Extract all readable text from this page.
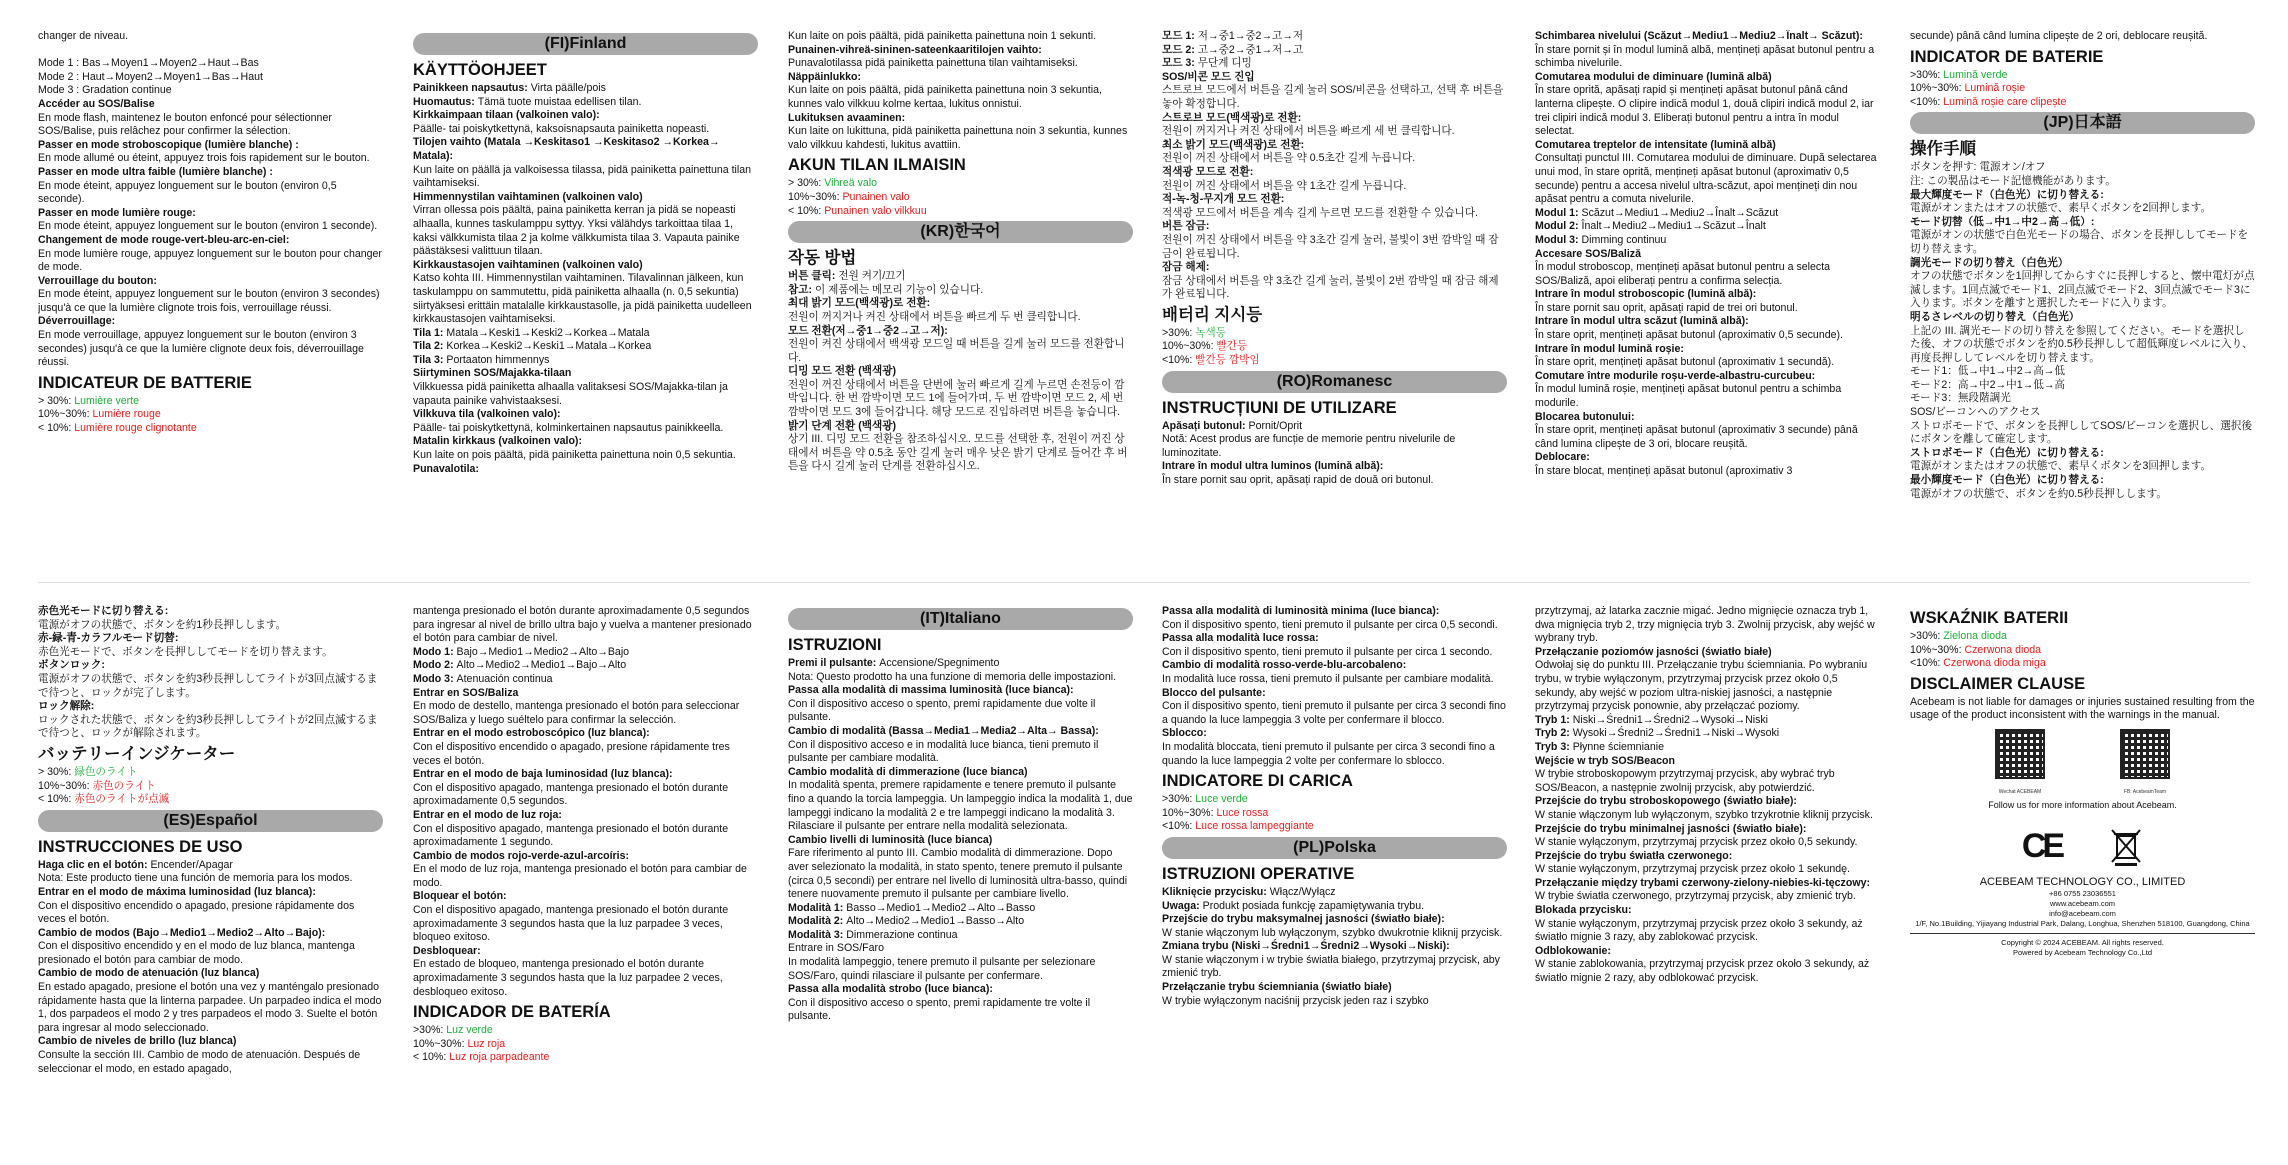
changer de niveau.

Mode 1 : Bas→Moyen1→Moyen2→Haut→Bas
Mode 2 : Haut→Moyen2→Moyen1→Bas→Haut
Mode 3 : Gradation continue
Accéder au SOS/Balise
En mode flash, maintenez le bouton enfoncé pour sélectionner SOS/Balise, puis relâchez pour confirmer la sélection.
Passer en mode stroboscopique (lumière blanche) :
En mode allumé ou éteint, appuyez trois fois rapidement sur le bouton.
Passer en mode ultra faible (lumière blanche) :
En mode éteint, appuyez longuement sur le bouton (environ 0,5 seconde).
Passer en mode lumière rouge:
En mode éteint, appuyez longuement sur le bouton (environ 1 seconde).
Changement de mode rouge-vert-bleu-arc-en-ciel:
En mode lumière rouge, appuyez longuement sur le bouton pour changer de mode.
Verrouillage du bouton:
En mode éteint, appuyez longuement sur le bouton (environ 3 secondes) jusqu'à ce que la lumière clignote trois fois, verrouillage réussi.
Déverrouillage:
En mode verrouillage, appuyez longuement sur le bouton (environ 3 secondes) jusqu'à ce que la lumière clignote deux fois, déverrouillage réussi.
INDICATEUR DE BATTERIE
> 30%: Lumière verte
10%~30%: Lumière rouge
< 10%: Lumière rouge clignotante
(FI)Finland
KÄYTTÖOHJEET
Painikkeen napsautus: Virta päälle/pois
Huomautus: Tämä tuote muistaa edellisen tilan.
Kirkkaimpaan tilaan (valkoinen valo):
Päälle- tai poiskytkettynä, kaksoisnapsauta painiketta nopeasti.
Tilojen vaihto (Matala →Keskitaso1 →Keskitaso2 →Korkea→ Matala):
Kun laite on päällä ja valkoisessa tilassa, pidä painiketta painettuna tilan vaihtamiseksi.
Himmennystilan vaihtaminen (valkoinen valo)
Virran ollessa pois päältä, paina painiketta kerran ja pidä se nopeasti alhaalla, kunnes taskulamppu syttyy. Yksi välähdys tarkoittaa tilaa 1, kaksi välkkumista tilaa 2 ja kolme välkkumista tilaa 3. Vapauta painike päästäksesi valittuun tilaan.
Kirkkaustasojen vaihtaminen (valkoinen valo)
Katso kohta III. Himmennystilan vaihtaminen. Tilavalinnan jälkeen, kun taskulamppu on sammutettu, pidä painiketta alhaalla (n. 0,5 sekuntia) siirtyäksesi erittäin matalalle kirkkaustasolle, ja pidä painiketta uudelleen kirkkaustasojen vaihtamiseksi.
Tila 1: Matala→Keski1→Keski2→Korkea→Matala
Tila 2: Korkea→Keski2→Keski1→Matala→Korkea
Tila 3: Portaaton himmennys
Siirtyminen SOS/Majakka-tilaan
Vilkkuessa pidä painiketta alhaalla valitaksesi SOS/Majakka-tilan ja vapauta painike vahvistaaksesi.
Vilkkuva tila (valkoinen valo):
Päälle- tai poiskytkettynä, kolminkertainen napsautus painikkeella.
Matalin kirkkaus (valkoinen valo):
Kun laite on pois päältä, pidä painiketta painettuna noin 0,5 sekuntia.
Punavalotila:
Kun laite on pois päältä, pidä painiketta painettuna noin 1 sekunti.
Punainen-vihreä-sininen-sateenkaaritilojen vaihto:
Punavalotilassa pidä painiketta painettuna tilan vaihtamiseksi.
Näppäinlukko:
Kun laite on pois päältä, pidä painiketta painettuna noin 3 sekuntia, kunnes valo vilkkuu kolme kertaa, lukitus onnistui.
Lukituksen avaaminen:
Kun laite on lukittuna, pidä painiketta painettuna noin 3 sekuntia, kunnes valo vilkkuu kahdesti, lukitus avattiin.
AKUN TILAN ILMAISIN
> 30%: Vihreä valo
10%~30%: Punainen valo
< 10%: Punainen valo vilkkuu
(KR)한국어
작동 방법
버튼 클릭: 전원 켜기/끄기
참고: 이 제품에는 메모리 기능이 있습니다.
최대 밝기 모드(백색광)로 전환:
전원이 꺼지거나 켜진 상태에서 버튼을 빠르게 두 번 클릭합니다.
모드 전환(저→중1→중2→고→저):
전원이 켜진 상태에서 백색광 모드일 때 버튼을 길게 눌러 모드를 전환합니다.
디밍 모드 전환 (백색광)
전원이 꺼진 상태에서 버튼을 단번에 눌러 빠르게 길게 누르면 손전등이 깜박입니다. 한 번 깜박이면 모드 1에 들어가며, 두 번 깜박이면 모드 2, 세 번 깜박이면 모드 3에 들어갑니다. 해당 모드로 진입하려면 버튼을 놓습니다.
밝기 단계 전환 (백색광)
상기 III. 디밍 모드 전환을 참조하십시오. 모드를 선택한 후, 전원이 꺼진 상태에서 버튼을 약 0.5초 동안 길게 눌러 매우 낮은 밝기 단계로 들어간 후 버튼을 다시 길게 눌러 단계를 전환하십시오.
모드 1: 저→중1→중2→고→저
모드 2: 고→중2→중1→저→고
모드 3: 무단계 디밍
SOS/비콘 모드 진입
스트로브 모드에서 버튼을 길게 눌러 SOS/비콘을 선택하고, 선택 후 버튼을 놓아 확정합니다.
스트로브 모드(백색광)로 전환:
전원이 꺼지거나 켜진 상태에서 버튼을 빠르게 세 번 클릭합니다.
최소 밝기 모드(백색광)로 전환:
전원이 꺼진 상태에서 버튼을 약 0.5초간 길게 누릅니다.
적색광 모드로 전환:
전원이 꺼진 상태에서 버튼을 약 1초간 길게 누릅니다.
적-녹-청-무지개 모드 전환:
적색광 모드에서 버튼을 계속 길게 누르면 모드를 전환할 수 있습니다.
버튼 잠금:
전원이 꺼진 상태에서 버튼을 약 3초간 길게 눌러, 불빛이 3번 깜박일 때 잠금이 완료됩니다.
잠금 해제:
잠금 상태에서 버튼을 약 3초간 길게 눌러, 불빛이 2번 깜박일 때 잠금 해제가 완료됩니다.
배터리 지시등
>30%: 녹색등
10%~30%: 빨간등
<10%: 빨간등 깜박임
(RO)Romanesc
INSTRUCȚIUNI DE UTILIZARE
Apăsați butonul: Pornit/Oprit
Notă: Acest produs are funcție de memorie pentru nivelurile de luminozitate.
Intrare în modul ultra luminos (lumină albă):
În stare pornit sau oprit, apăsați rapid de două ori butonul.
Schimbarea nivelului (Scăzut→Mediu1→Mediu2→Înalt→ Scăzut):
În stare pornit și în modul lumină albă, mențineți apăsat butonul pentru a schimba nivelurile.
Comutarea modului de diminuare (lumină albă)
În stare oprită, apăsați rapid și mențineți apăsat butonul până când lanterna clipește. O clipire indică modul 1, două clipiri indică modul 2, iar trei clipiri indică modul 3. Eliberați butonul pentru a intra în modul selectat.
Comutarea treptelor de intensitate (lumină albă)
Consultați punctul III. Comutarea modului de diminuare. După selectarea unui mod, în stare oprită, mențineți apăsat butonul (aproximativ 0,5 secunde) pentru a accesa nivelul ultra-scăzut, apoi mențineți din nou apăsat pentru a comuta nivelurile.
Modul 1: Scăzut→Mediu1→Mediu2→Înalt→Scăzut
Modul 2: Înalt→Mediu2→Mediu1→Scăzut→Înalt
Modul 3: Dimming continuu
Accesare SOS/Baliză
În modul stroboscop, mențineți apăsat butonul pentru a selecta SOS/Baliză, apoi eliberați pentru a confirma selecția.
Intrare în modul stroboscopic (lumină albă):
În stare pornit sau oprit, apăsați rapid de trei ori butonul.
Intrare în modul ultra scăzut (lumină albă):
În stare oprit, mențineți apăsat butonul (aproximativ 0,5 secunde).
Intrare în modul lumină roșie:
În stare oprit, mențineți apăsat butonul (aproximativ 1 secundă).
Comutare între modurile roșu-verde-albastru-curcubeu:
În modul lumină roșie, mențineți apăsat butonul pentru a schimba modurile.
Blocarea butonului:
În stare oprit, mențineți apăsat butonul (aproximativ 3 secunde) până când lumina clipește de 3 ori, blocare reușită.
Deblocare:
În stare blocat, mențineți apăsat butonul (aproximativ 3
secunde) până când lumina clipește de 2 ori, deblocare reușită.
INDICATOR DE BATERIE
>30%: Lumină verde
10%~30%: Lumină roșie
<10%: Lumină roșie care clipește
(JP)日本語
操作手順
ボタンを押す: 電源オン/オフ
注: この製品はモード記憶機能があります。
最大輝度モード（白色光）に切り替える:
電源がオンまたはオフの状態で、素早くボタンを2回押します。
モード切替（低→中1→中2→高→低）:
電源がオンの状態で白色光モードの場合、ボタンを長押ししてモードを切り替えます。
調光モードの切り替え（白色光）
オフの状態でボタンを1回押してからすぐに長押しすると、懐中電灯が点滅します。1回点滅でモード1、2回点滅でモード2、3回点滅でモード3に入ります。ボタンを離すと選択したモードに入ります。
明るさレベルの切り替え（白色光）
上記の III. 調光モードの切り替えを参照してください。モードを選択した後、オフの状態でボタンを約0.5秒長押しして超低輝度レベルに入り、再度長押ししてレベルを切り替えます。
モード1：低→中1→中2→高→低
モード2：高→中2→中1→低→高
モード3：無段階調光
SOS/ビーコンへのアクセス
ストロボモードで、ボタンを長押ししてSOS/ビーコンを選択し、選択後にボタンを離して確定します。
ストロボモード（白色光）に切り替える:
電源がオンまたはオフの状態で、素早くボタンを3回押します。
最小輝度モード（白色光）に切り替える:
電源がオフの状態で、ボタンを約0.5秒長押しします。
赤色光モードに切り替える:
電源がオフの状態で、ボタンを約1秒長押しします。
赤-緑-青-カラフルモード切替:
赤色光モードで、ボタンを長押ししてモードを切り替えます。
ボタンロック:
電源がオフの状態で、ボタンを約3秒長押ししてライトが3回点滅するまで待つと、ロックが完了します。
ロック解除:
ロックされた状態で、ボタンを約3秒長押ししてライトが2回点滅するまで待つと、ロックが解除されます。
バッテリーインジケーター
> 30%: 緑色のライト
10%~30%: 赤色のライト
< 10%: 赤色のライトが点滅
(ES)Español
INSTRUCCIONES DE USO
Haga clic en el botón: Encender/Apagar
Nota: Este producto tiene una función de memoria para los modos.
Entrar en el modo de máxima luminosidad (luz blanca):
Con el dispositivo encendido o apagado, presione rápidamente dos veces el botón.
Cambio de modos (Bajo→Medio1→Medio2→Alto→Bajo):
Con el dispositivo encendido y en el modo de luz blanca, mantenga presionado el botón para cambiar de modo.
Cambio de modo de atenuación (luz blanca)
En estado apagado, presione el botón una vez y manténgalo presionado rápidamente hasta que la linterna parpadee. Un parpadeo indica el modo 1, dos parpadeos el modo 2 y tres parpadeos el modo 3. Suelte el botón para ingresar al modo seleccionado.
Cambio de niveles de brillo (luz blanca)
Consulte la sección III. Cambio de modo de atenuación. Después de seleccionar el modo, en estado apagado,
mantenga presionado el botón durante aproximadamente 0,5 segundos para ingresar al nivel de brillo ultra bajo y vuelva a mantener presionado el botón para cambiar de nivel.
Modo 1: Bajo→Medio1→Medio2→Alto→Bajo
Modo 2: Alto→Medio2→Medio1→Bajo→Alto
Modo 3: Atenuación continua
Entrar en SOS/Baliza
En modo de destello, mantenga presionado el botón para seleccionar SOS/Baliza y luego suéltelo para confirmar la selección.
Entrar en el modo estroboscópico (luz blanca):
Con el dispositivo encendido o apagado, presione rápidamente tres veces el botón.
Entrar en el modo de baja luminosidad (luz blanca):
Con el dispositivo apagado, mantenga presionado el botón durante aproximadamente 0,5 segundos.
Entrar en el modo de luz roja:
Con el dispositivo apagado, mantenga presionado el botón durante aproximadamente 1 segundo.
Cambio de modos rojo-verde-azul-arcoíris:
En el modo de luz roja, mantenga presionado el botón para cambiar de modo.
Bloquear el botón:
Con el dispositivo apagado, mantenga presionado el botón durante aproximadamente 3 segundos hasta que la luz parpadee 3 veces, bloqueo exitoso.
Desbloquear:
En estado de bloqueo, mantenga presionado el botón durante aproximadamente 3 segundos hasta que la luz parpadee 2 veces, desbloqueo exitoso.
INDICADOR DE BATERÍA
>30%: Luz verde
10%~30%: Luz roja
< 10%: Luz roja parpadeante
(IT)Italiano
ISTRUZIONI
Premi il pulsante: Accensione/Spegnimento
Nota: Questo prodotto ha una funzione di memoria delle impostazioni.
Passa alla modalità di massima luminosità (luce bianca):
Con il dispositivo acceso o spento, premi rapidamente due volte il pulsante.
Cambio di modalità (Bassa→Media1→Media2→Alta→ Bassa):
Con il dispositivo acceso e in modalità luce bianca, tieni premuto il pulsante per cambiare modalità.
Cambio modalità di dimmerazione (luce bianca)
In modalità spenta, premere rapidamente e tenere premuto il pulsante fino a quando la torcia lampeggia. Un lampeggio indica la modalità 1, due lampeggi indicano la modalità 2 e tre lampeggi indicano la modalità 3. Rilasciare il pulsante per entrare nella modalità selezionata.
Cambio livelli di luminosità (luce bianca)
Fare riferimento al punto III. Cambio modalità di dimmerazione. Dopo aver selezionato la modalità, in stato spento, tenere premuto il pulsante (circa 0,5 secondi) per entrare nel livello di luminosità ultra-basso, quindi tenere nuovamente premuto il pulsante per cambiare livello.
Modalità 1: Basso→Medio1→Medio2→Alto→Basso
Modalità 2: Alto→Medio2→Medio1→Basso→Alto
Modalità 3: Dimmerazione continua
Entrare in SOS/Faro
In modalità lampeggio, tenere premuto il pulsante per selezionare SOS/Faro, quindi rilasciare il pulsante per confermare.
Passa alla modalità strobo (luce bianca):
Con il dispositivo acceso o spento, premi rapidamente tre volte il pulsante.
Passa alla modalità di luminosità minima (luce bianca):
Con il dispositivo spento, tieni premuto il pulsante per circa 0,5 secondi.
Passa alla modalità luce rossa:
Con il dispositivo spento, tieni premuto il pulsante per circa 1 secondo.
Cambio di modalità rosso-verde-blu-arcobaleno:
In modalità luce rossa, tieni premuto il pulsante per cambiare modalità.
Blocco del pulsante:
Con il dispositivo spento, tieni premuto il pulsante per circa 3 secondi fino a quando la luce lampeggia 3 volte per confermare il blocco.
Sblocco:
In modalità bloccata, tieni premuto il pulsante per circa 3 secondi fino a quando la luce lampeggia 2 volte per confermare lo sblocco.
INDICATORE DI CARICA
>30%: Luce verde
10%~30%: Luce rossa
<10%: Luce rossa lampeggiante
(PL)Polska
ISTRUZIONI OPERATIVE
Kliknięcie przycisku: Włącz/Wyłącz
Uwaga: Produkt posiada funkcję zapamiętywania trybu.
Przejście do trybu maksymalnej jasności (światło białe):
W stanie włączonym lub wyłączonym, szybko dwukrotnie kliknij przycisk.
Zmiana trybu (Niski→Średni1→Średni2→Wysoki→Niski):
W stanie włączonym i w trybie światła białego, przytrzymaj przycisk, aby zmienić tryb.
Przełączanie trybu ściemniania (światło białe)
W trybie wyłączonym naciśnij przycisk jeden raz i szybko
przytrzymaj, aż latarka zacznie migać. Jedno mignięcie oznacza tryb 1, dwa mignięcia tryb 2, trzy mignięcia tryb 3. Zwolnij przycisk, aby wejść w wybrany tryb.
Przełączanie poziomów jasności (światło białe)
Odwołaj się do punktu III. Przełączanie trybu ściemniania. Po wybraniu trybu, w trybie wyłączonym, przytrzymaj przycisk przez około 0,5 sekundy, aby wejść w poziom ultra-niskiej jasności, a następnie przytrzymaj przycisk ponownie, aby przełączać poziomy.
Tryb 1: Niski→Średni1→Średni2→Wysoki→Niski
Tryb 2: Wysoki→Średni2→Średni1→Niski→Wysoki
Tryb 3: Płynne ściemnianie
Wejście w tryb SOS/Beacon
W trybie stroboskopowym przytrzymaj przycisk, aby wybrać tryb SOS/Beacon, a następnie zwolnij przycisk, aby potwierdzić.
Przejście do trybu stroboskopowego (światło białe):
W stanie włączonym lub wyłączonym, szybko trzykrotnie kliknij przycisk.
Przejście do trybu minimalnej jasności (światło białe):
W stanie wyłączonym, przytrzymaj przycisk przez około 0,5 sekundy.
Przejście do trybu światła czerwonego:
W stanie wyłączonym, przytrzymaj przycisk przez około 1 sekundę.
Przełączanie między trybami czerwony-zielony-niebies-ki-tęczowy:
W trybie światła czerwonego, przytrzymaj przycisk, aby zmienić tryb.
Blokada przycisku:
W stanie wyłączonym, przytrzymaj przycisk przez około 3 sekundy, aż światło mignie 3 razy, aby zablokować przycisk.
Odblokowanie:
W stanie zablokowania, przytrzymaj przycisk przez około 3 sekundy, aż światło mignie 2 razy, aby odblokować przycisk.
WSKAŹNIK BATERII
>30%: Zielona dioda
10%~30%: Czerwona dioda
<10%: Czerwona dioda miga
DISCLAIMER CLAUSE
Acebeam is not liable for damages or injuries sustained resulting from the usage of the product inconsistent with the warnings in the manual.
Wechat ACEBEAM
	FB: AcebeamTeam
Follow us for more information about Acebeam.
CE
ACEBEAM TECHNOLOGY CO., LIMITED
+86 0755 23036551
www.acebeam.com
info@acebeam.com
1/F, No.1Building, Yijiayang Industrial Park, Dalang, Longhua, Shenzhen 518100, Guangdong, China
Copyright © 2024 ACEBEAM. All rights reserved.
Powered by Acebeam Technology Co.,Ltd
